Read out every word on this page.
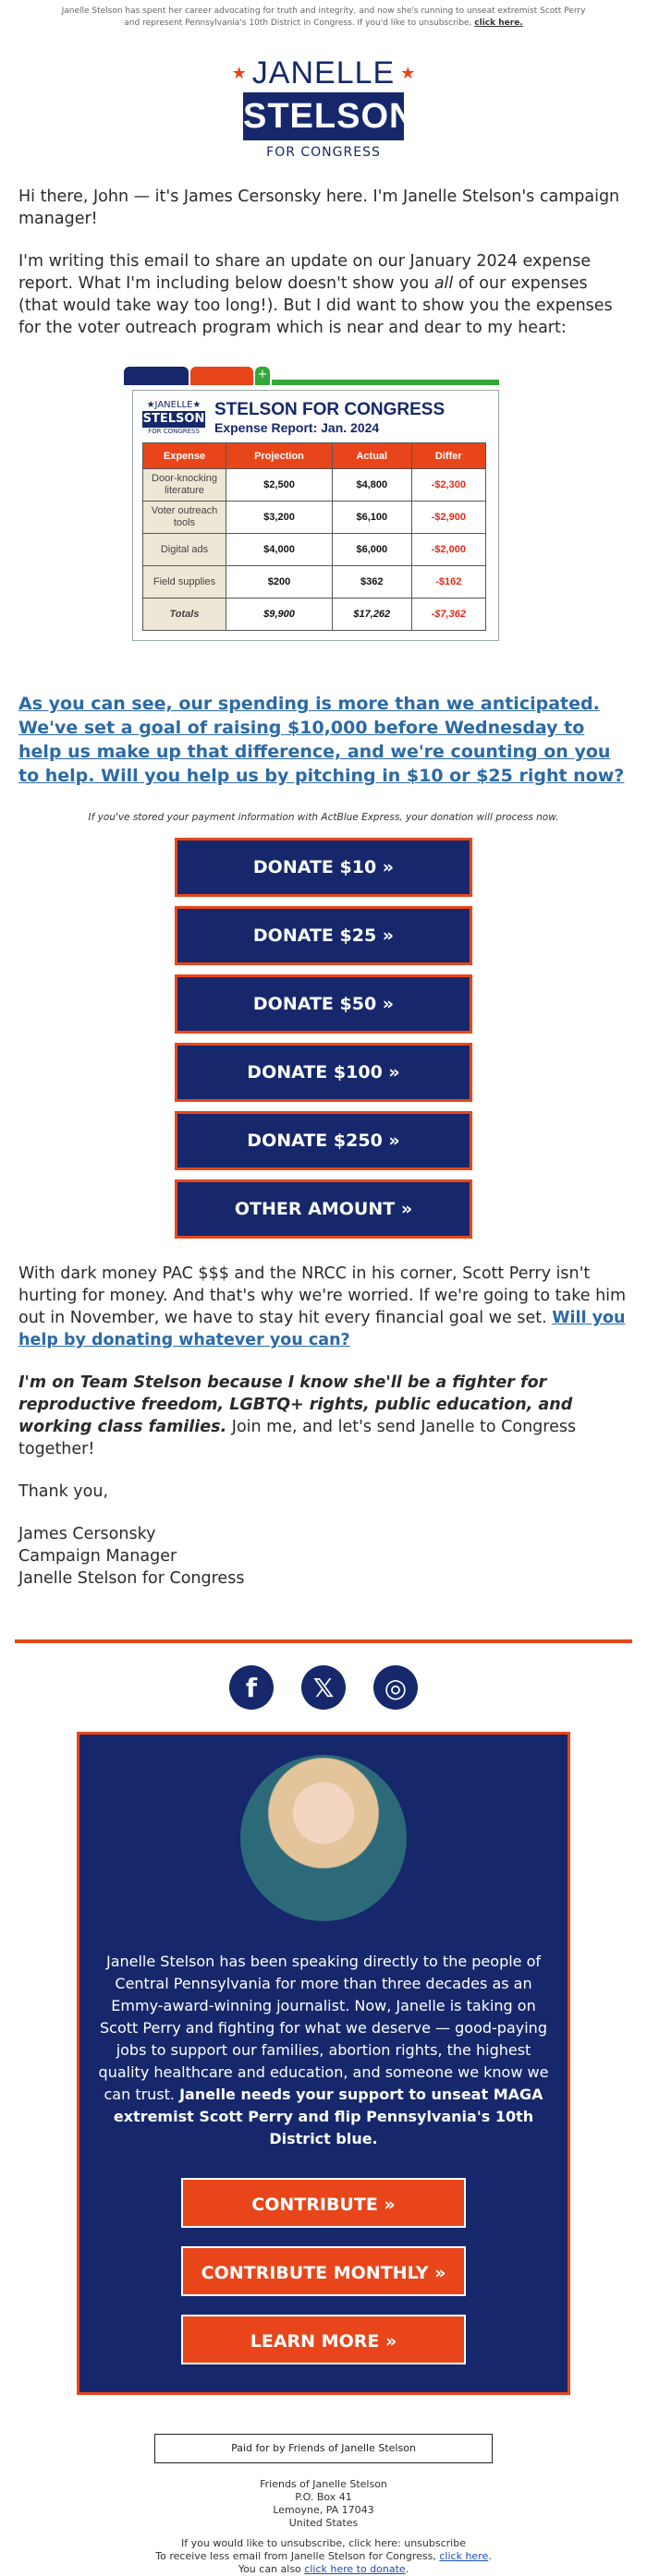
Janelle Stelson has spent her career advocating for truth and integrity, and now she's running to unseat extremist Scott Perry and represent Pennsylvania's 10th District in Congress. If you'd like to unsubscribe, click here.
★ JANELLE ★
STELSON
FOR CONGRESS
Hi there, John — it's James Cersonsky here. I'm Janelle Stelson's campaign manager!
I'm writing this email to share an update on our January 2024 expense report. What I'm including below doesn't show you all of our expenses (that would take way too long!). But I did want to show you the expenses for the voter outreach program which is near and dear to my heart:
+
★JANELLE★
STELSON
FOR CONGRESS
STELSON FOR CONGRESS
Expense Report: Jan. 2024
Expense	Projection	Actual	Differ
Door-knocking literature	$2,500	$4,800	-$2,300
Voter outreach tools	$3,200	$6,100	-$2,900
Digital ads	$4,000	$6,000	-$2,000
Field supplies	$200	$362	-$162
Totals	$9,900	$17,262	-$7,362
As you can see, our spending is more than we anticipated. We've set a goal of raising $10,000 before Wednesday to help us make up that difference, and we're counting on you to help. Will you help us by pitching in $10 or $25 right now?
If you've stored your payment information with ActBlue Express, your donation will process now.
DONATE $10 »
DONATE $25 »
DONATE $50 »
DONATE $100 »
DONATE $250 »
OTHER AMOUNT »
With dark money PAC $$$ and the NRCC in his corner, Scott Perry isn't hurting for money. And that's why we're worried. If we're going to take him out in November, we have to stay hit every financial goal we set. Will you help by donating whatever you can?
I'm on Team Stelson because I know she'll be a fighter for reproductive freedom, LGBTQ+ rights, public education, and working class families. Join me, and let's send Janelle to Congress together!
Thank you,
James Cersonsky
Campaign Manager
Janelle Stelson for Congress
f	𝕏	◎
Janelle Stelson has been speaking directly to the people of Central Pennsylvania for more than three decades as an Emmy-award-winning journalist. Now, Janelle is taking on Scott Perry and fighting for what we deserve — good-paying jobs to support our families, abortion rights, the highest quality healthcare and education, and someone we know we can trust. Janelle needs your support to unseat MAGA extremist Scott Perry and flip Pennsylvania's 10th District blue.
CONTRIBUTE »
CONTRIBUTE MONTHLY »
LEARN MORE »
Paid for by Friends of Janelle Stelson
Friends of Janelle Stelson
P.O. Box 41
Lemoyne, PA 17043
United States
If you would like to unsubscribe, click here: unsubscribe
To receive less email from Janelle Stelson for Congress, click here.
You can also click here to donate.
